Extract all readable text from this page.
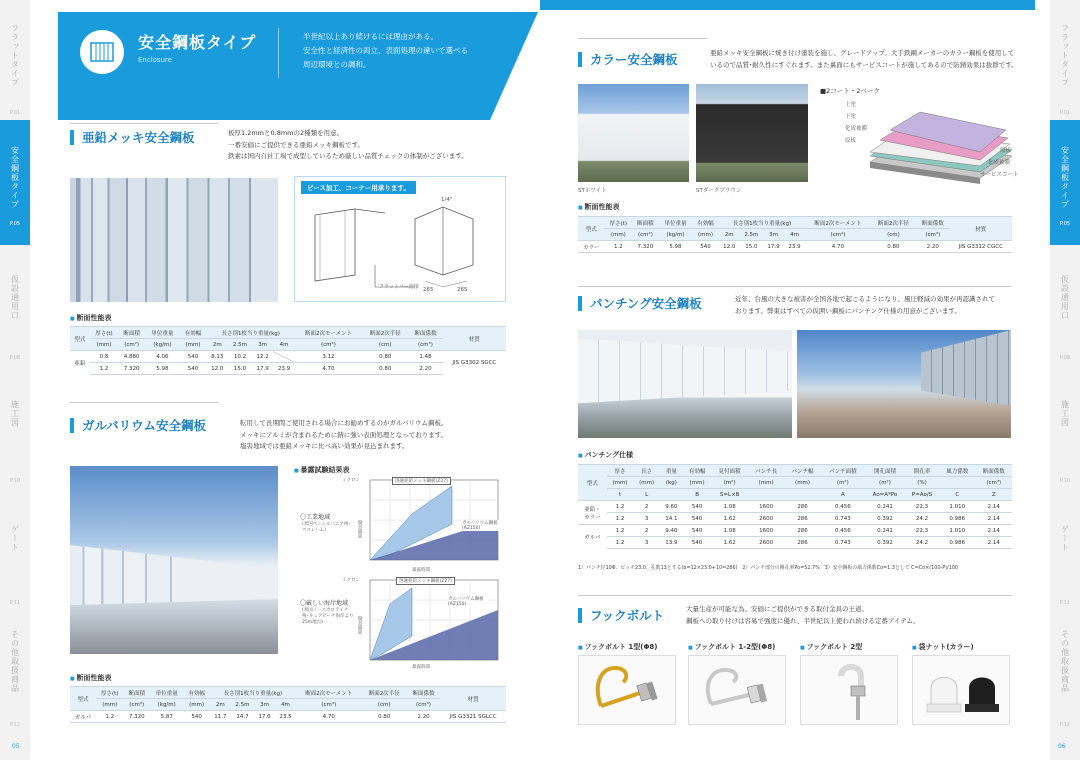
フラットタイプ
P.01
安全鋼板タイプ
P.05
仮設通用口
P.08
施工図
P.10
ゲート
P.11
その他取扱商品
P.12
05
フラットタイプ
P.01
安全鋼板タイプ
P.05
仮設通用口
P.08
施工図
P.10
ゲート
P.11
その他取扱商品
P.12
06
安全鋼板タイプ
Enclosure
半世紀以上あり続けるには理由がある。
安全性と経済性の両立、表面処理の違いで選べる
周辺環境との調和。
亜鉛メッキ安全鋼板	板厚1.2mmと0.8mmの2種類を用意。
一番安価にご提供できる亜鉛メッキ鋼板です。
鉄素は国内自社工場で成型しているため厳しい品質チェックの体制がございます。
ピース加工、コーナー用承ります。
1/4"
265	265
フラットバー溶接
■ 断面性能表
型式	厚さ(t)	断面積	単位重量	有効幅	長さ別1枚当り重量(kg)				断面2次モーメント	断面2次半径	断面係数	材質
	(mm)	(cm²)	(kg/m)	(mm)	2m	2.5m	3m	4m	(cm⁴)	(cm)	(cm³)	
亜鉛	0.8	4.880	4.06	540	8.13	10.2	12.2		3.12	0.80	1.48	JIS G3302 SGCC
	1.2	7.320	5.98	540	12.0	15.0	17.9	23.9	4.70	0.80	2.20	
ガルバリウム安全鋼板	転用して長期間ご使用される場合にお勧めするのがガルバリウム鋼板。
メッキにアルミが含まれるために錆に強い表面処理となっております。
塩害地域では亜鉛メッキに比べ高い効果が見込まれます。
■ 暴露試験結果表
〇工業地域
(米国ペンシルバニア州･ベスレハム)
〇厳しい海岸地域
(米国ノースカロライナ州･キュアビーチ海岸より25m地点)
ミクロン	溶融亜鉛メッキ鋼板(Z27)
ガルバリウム鋼板 (AZ150)
暴露時間
腐食減量
ミクロン	溶融亜鉛メッキ鋼板(Z27)
ガルバリウム鋼板 (AZ150)
暴露時間
腐食減量
■ 断面性能表
型式	厚さ(t)	断面積	単位重量	有効幅	長さ別1枚当り重量(kg)				断面2次モーメント	断面2次半径	断面係数	材質
	(mm)	(cm²)	(kg/m)	(mm)	2m	2.5m	3m	4m	(cm⁴)	(cm)	(cm³)	
ガルバ	1.2	7.320	5.87	540	11.7	14.7	17.6	23.5	4.70	0.80	2.20	JIS G3321 SGLCC
カラー安全鋼板	亜鉛メッキ安全鋼板に焼き付け塗装を施し、グレードアップ。大手鉄鋼メーカーのカラー鋼板を使用して
いるので品質･耐久性にすぐれます。また裏面にもサービスコートが施してあるので防錆効果は抜群です。
STホワイト	STダークブラウン
■2コート・2ベーク
上塗
下塗
化成被膜
原板
原板
化成被膜
サービスコート
■ 断面性能表
型式	厚さ(t)	断面積	単位重量	有効幅	長さ別1枚当り重量(kg)				断面2次モーメント	断面2次半径	断面係数	材質
	(mm)	(cm²)	(kg/m)	(mm)	2m	2.5m	3m	4m	(cm⁴)	(cm)	(cm³)	
カラー	1.2	7.320	5.98	540	12.0	15.0	17.9	23.9	4.70	0.80	2.20	JIS G3312 CGCC
パンチング安全鋼板	近年、台風の大きな被害が全国各地で起こるようになり、風圧軽減の効果が再認識されて
おります。弊東はすべての仮囲い鋼板にパンチング仕様の用意がございます。
■ パンチング仕様
型式	厚さ	長さ	重量	有効幅	見付面積	パンチ長	パンチ幅	パンチ面積	開孔面積	開孔率	風力係数	断面係数
	(mm)	(mm)	(kg)	(mm)	(m²)	(mm)	(mm)	(m²)	(m²)	(%)		(cm³)
	t	L		B	S=L×B			A	Ao=A*Po	P=Ao/S	C	Z
亜鉛・
カラー	1.2	2	9.60	540	1.08	1600	286	0.456	0.241	22.3	1.010	2.14
	1.2	3	14.1	540	1.62	2600	286	0.743	0.392	24.2	0.986	2.14
ガルバ	1.2	2	9.40	540	1.08	1600	286	0.456	0.241	22.3	1.010	2.14
	1.2	3	13.9	540	1.62	2600	286	0.743	0.392	24.2	0.986	2.14
1）パンチ径10Φ、ピッチ23.0、孔数13とする(b=12×23.0+10=286)　2）パンチ部分の開孔率Po=52.7%　3）安全鋼板の風力係数Co=1.3として C=Co×(100-P)/100
フックボルト	大量生産が可能な為、安価にご提供ができる取付金具の王道。
鋼板への取り付けは容易で強度に優れ、半世紀以上使われ続ける定番アイテム。
■ フックボルト 1型(Φ8)	■ フックボルト 1-2型(Φ8)	■ フックボルト 2型	■ 袋ナット(カラー)
